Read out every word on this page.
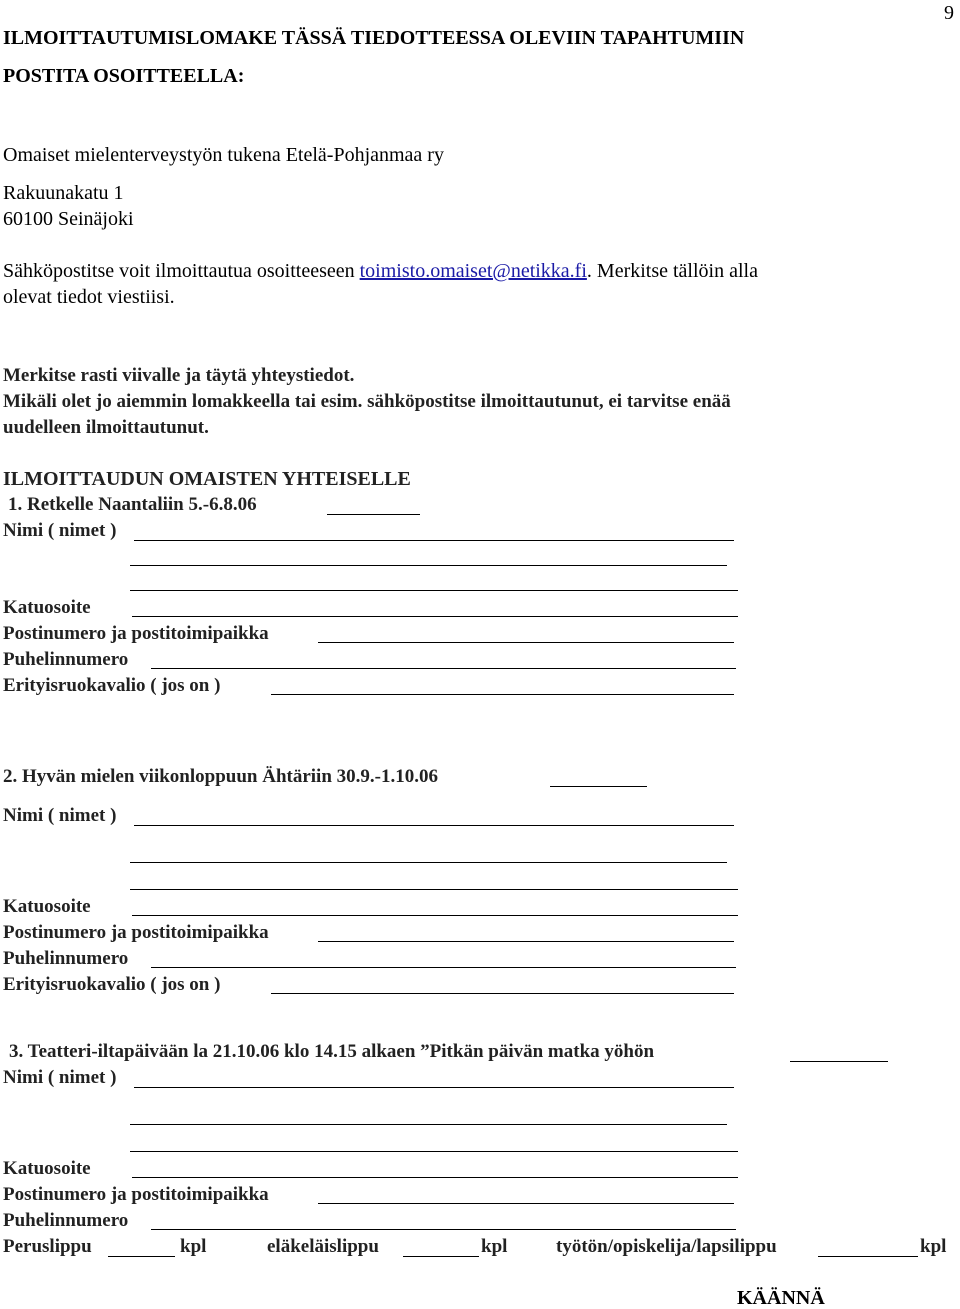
9
ILMOITTAUTUMISLOMAKE TÄSSÄ TIEDOTTEESSA OLEVIIN TAPAHTUMIIN
POSTITA OSOITTEELLA:
Omaiset mielenterveystyön tukena Etelä-Pohjanmaa ry
Rakuunakatu 1
60100 Seinäjoki
Sähköpostitse voit ilmoittautua osoitteeseen toimisto.omaiset@netikka.fi. Merkitse tällöin alla
olevat tiedot viestiisi.
Merkitse rasti viivalle ja täytä yhteystiedot.
Mikäli olet jo aiemmin lomakkeella tai esim. sähköpostitse ilmoittautunut, ei tarvitse enää
uudelleen ilmoittautunut.
ILMOITTAUDUN OMAISTEN YHTEISELLE
1. Retkelle Naantaliin 5.-6.8.06
Nimi ( nimet )
Katuosoite
Postinumero ja postitoimipaikka
Puhelinnumero
Erityisruokavalio ( jos on )
2. Hyvän mielen viikonloppuun Ähtäriin 30.9.-1.10.06
Nimi ( nimet )
Katuosoite
Postinumero ja postitoimipaikka
Puhelinnumero
Erityisruokavalio ( jos on )
3. Teatteri-iltapäivään la 21.10.06 klo 14.15 alkaen ”Pitkän päivän matka yöhön
Nimi ( nimet )
Katuosoite
Postinumero ja postitoimipaikka
Puhelinnumero
Peruslippu	kpl	eläkeläislippu	kpl	työtön/opiskelija/lapsilippu	kpl
KÄÄNNÄ
